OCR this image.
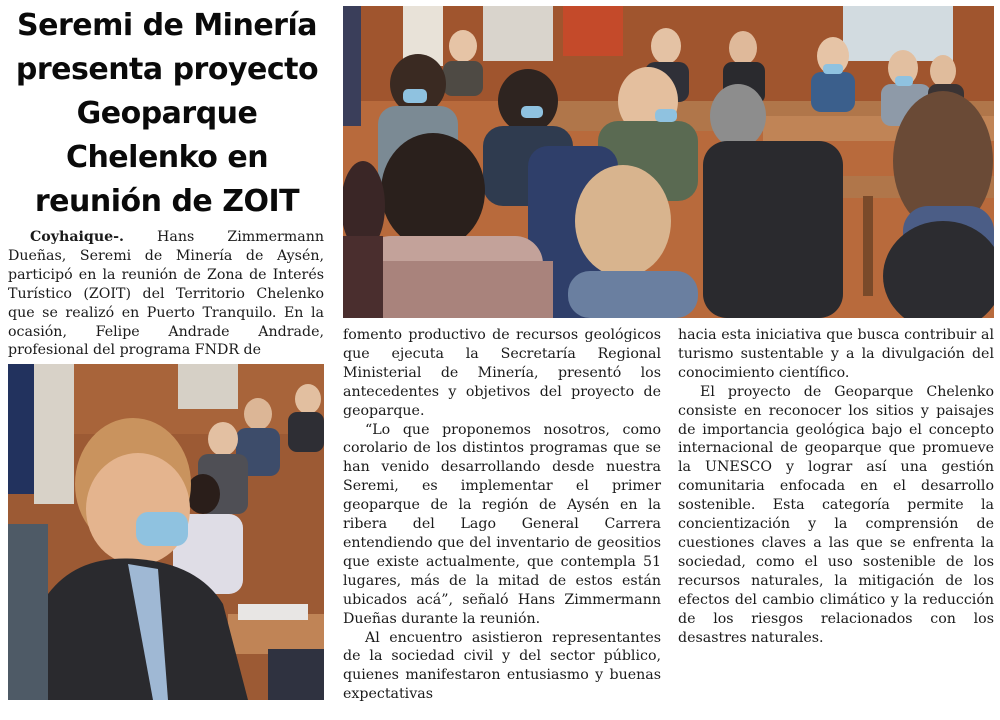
Seremi de Minería
presenta proyecto
Geoparque
Chelenko en
reunión de ZOIT

Coyhaique-. Hans Zimmermann Dueñas, Seremi de Minería de Aysén, participó en la reunión de Zona de Interés Turístico (ZOIT) del Territorio Chelenko que se realizó en Puerto Tranquilo. En la ocasión, Felipe Andrade Andrade, profesional del programa FNDR de

fomento productivo de recursos geológicos que ejecuta la Secretaría Regional Ministerial de Minería, presentó los antecedentes y objetivos del proyecto de geoparque.

“Lo que proponemos nosotros, como corolario de los distintos programas que se han venido desarrollando desde nuestra Seremi, es implementar el primer geoparque de la región de Aysén en la ribera del Lago General Carrera entendiendo que del inventario de geositios que existe actualmente, que contempla 51 lugares, más de la mitad de estos están ubicados acá”, señaló Hans Zimmermann Dueñas durante la reunión.

Al encuentro asistieron representantes de la sociedad civil y del sector público, quienes manifestaron entusiasmo y buenas expectativas

hacia esta iniciativa que busca contribuir al turismo sustentable y a la divulgación del conocimiento científico.

El proyecto de Geoparque Chelenko consiste en reconocer los sitios y paisajes de importancia geológica bajo el concepto internacional de geoparque que promueve la UNESCO y lograr así una gestión comunitaria enfocada en el desarrollo sostenible. Esta categoría permite la concientización y la comprensión de cuestiones claves a las que se enfrenta la sociedad, como el uso sostenible de los recursos naturales, la mitigación de los efectos del cambio climático y la reducción de los riesgos relacionados con los desastres naturales.
